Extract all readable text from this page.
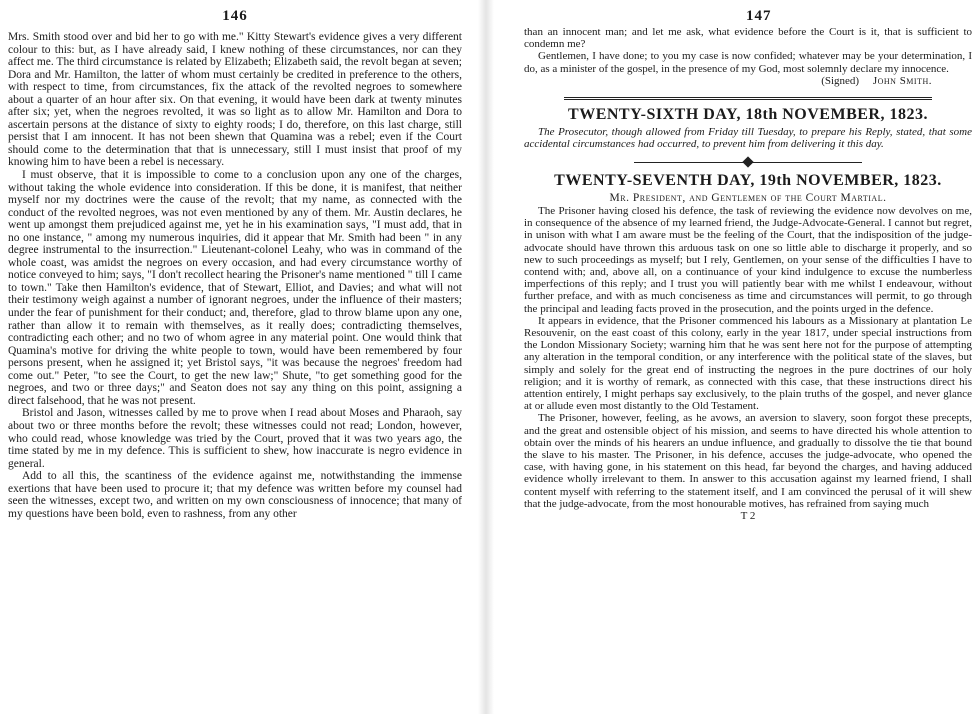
146

Mrs. Smith stood over and bid her to go with me." Kitty Stewart's evidence gives a very different colour to this: but, as I have already said, I knew nothing of these circumstances, nor can they affect me. The third circumstance is related by Elizabeth; Elizabeth said, the revolt began at seven; Dora and Mr. Hamilton, the latter of whom must certainly be credited in preference to the others, with respect to time, from circumstances, fix the attack of the revolted negroes to somewhere about a quarter of an hour after six. On that evening, it would have been dark at twenty minutes after six; yet, when the negroes revolted, it was so light as to allow Mr. Hamilton and Dora to ascertain persons at the distance of sixty to eighty roods; I do, therefore, on this last charge, still persist that I am innocent. It has not been shewn that Quamina was a rebel; even if the Court should come to the determination that that is unnecessary, still I must insist that proof of my knowing him to have been a rebel is necessary.

I must observe, that it is impossible to come to a conclusion upon any one of the charges, without taking the whole evidence into consideration. If this be done, it is manifest, that neither myself nor my doctrines were the cause of the revolt; that my name, as connected with the conduct of the revolted negroes, was not even mentioned by any of them. Mr. Austin declares, he went up amongst them prejudiced against me, yet he in his examination says, "I must add, that in no one instance, " among my numerous inquiries, did it appear that Mr. Smith had been " in any degree instrumental to the insurrection." Lieutenant-colonel Leahy, who was in command of the whole coast, was amidst the negroes on every occasion, and had every circumstance worthy of notice conveyed to him; says, "I don't recollect hearing the Prisoner's name mentioned " till I came to town." Take then Hamilton's evidence, that of Stewart, Elliot, and Davies; and what will not their testimony weigh against a number of ignorant negroes, under the influence of their masters; under the fear of punishment for their conduct; and, therefore, glad to throw blame upon any one, rather than allow it to remain with themselves, as it really does; contradicting themselves, contradicting each other; and no two of whom agree in any material point. One would think that Quamina's motive for driving the white people to town, would have been remembered by four persons present, when he assigned it; yet Bristol says, "it was because the negroes' freedom had come out." Peter, "to see the Court, to get the new law;" Shute, "to get something good for the negroes, and two or three days;" and Seaton does not say any thing on this point, assigning a direct falsehood, that he was not present.

Bristol and Jason, witnesses called by me to prove when I read about Moses and Pharaoh, say about two or three months before the revolt; these witnesses could not read; London, however, who could read, whose knowledge was tried by the Court, proved that it was two years ago, the time stated by me in my defence. This is sufficient to shew, how inaccurate is negro evidence in general.

Add to all this, the scantiness of the evidence against me, notwithstanding the immense exertions that have been used to procure it; that my defence was written before my counsel had seen the witnesses, except two, and written on my own consciousness of innocence; that many of my questions have been bold, even to rashness, from any other

147

than an innocent man; and let me ask, what evidence before the Court is it, that is sufficient to condemn me?

Gentlemen, I have done; to you my case is now confided; whatever may be your determination, I do, as a minister of the gospel, in the presence of my God, most solemnly declare my innocence.

(Signed) John Smith.
TWENTY-SIXTH DAY, 18th NOVEMBER, 1823.
The Prosecutor, though allowed from Friday till Tuesday, to prepare his Reply, stated, that some accidental circumstances had occurred, to prevent him from delivering it this day.
TWENTY-SEVENTH DAY, 19th NOVEMBER, 1823.
Mr. President, and Gentlemen of the Court Martial.

The Prisoner having closed his defence, the task of reviewing the evidence now devolves on me, in consequence of the absence of my learned friend, the Judge-Advocate-General. I cannot but regret, in unison with what I am aware must be the feeling of the Court, that the indisposition of the judge-advocate should have thrown this arduous task on one so little able to discharge it properly, and so new to such proceedings as myself; but I rely, Gentlemen, on your sense of the difficulties I have to contend with; and, above all, on a continuance of your kind indulgence to excuse the numberless imperfections of this reply; and I trust you will patiently bear with me whilst I endeavour, without further preface, and with as much conciseness as time and circumstances will permit, to go through the principal and leading facts proved in the prosecution, and the points urged in the defence.

It appears in evidence, that the Prisoner commenced his labours as a Missionary at plantation Le Resouvenir, on the east coast of this colony, early in the year 1817, under special instructions from the London Missionary Society; warning him that he was sent here not for the purpose of attempting any alteration in the temporal condition, or any interference with the political state of the slaves, but simply and solely for the great end of instructing the negroes in the pure doctrines of our holy religion; and it is worthy of remark, as connected with this case, that these instructions direct his attention entirely, I might perhaps say exclusively, to the plain truths of the gospel, and never glance at or allude even most distantly to the Old Testament.

The Prisoner, however, feeling, as he avows, an aversion to slavery, soon forgot these precepts, and the great and ostensible object of his mission, and seems to have directed his whole attention to obtain over the minds of his hearers an undue influence, and gradually to dissolve the tie that bound the slave to his master. The Prisoner, in his defence, accuses the judge-advocate, who opened the case, with having gone, in his statement on this head, far beyond the charges, and having adduced evidence wholly irrelevant to them. In answer to this accusation against my learned friend, I shall content myself with referring to the statement itself, and I am convinced the perusal of it will shew that the judge-advocate, from the most honourable motives, has refrained from saying much

T 2
